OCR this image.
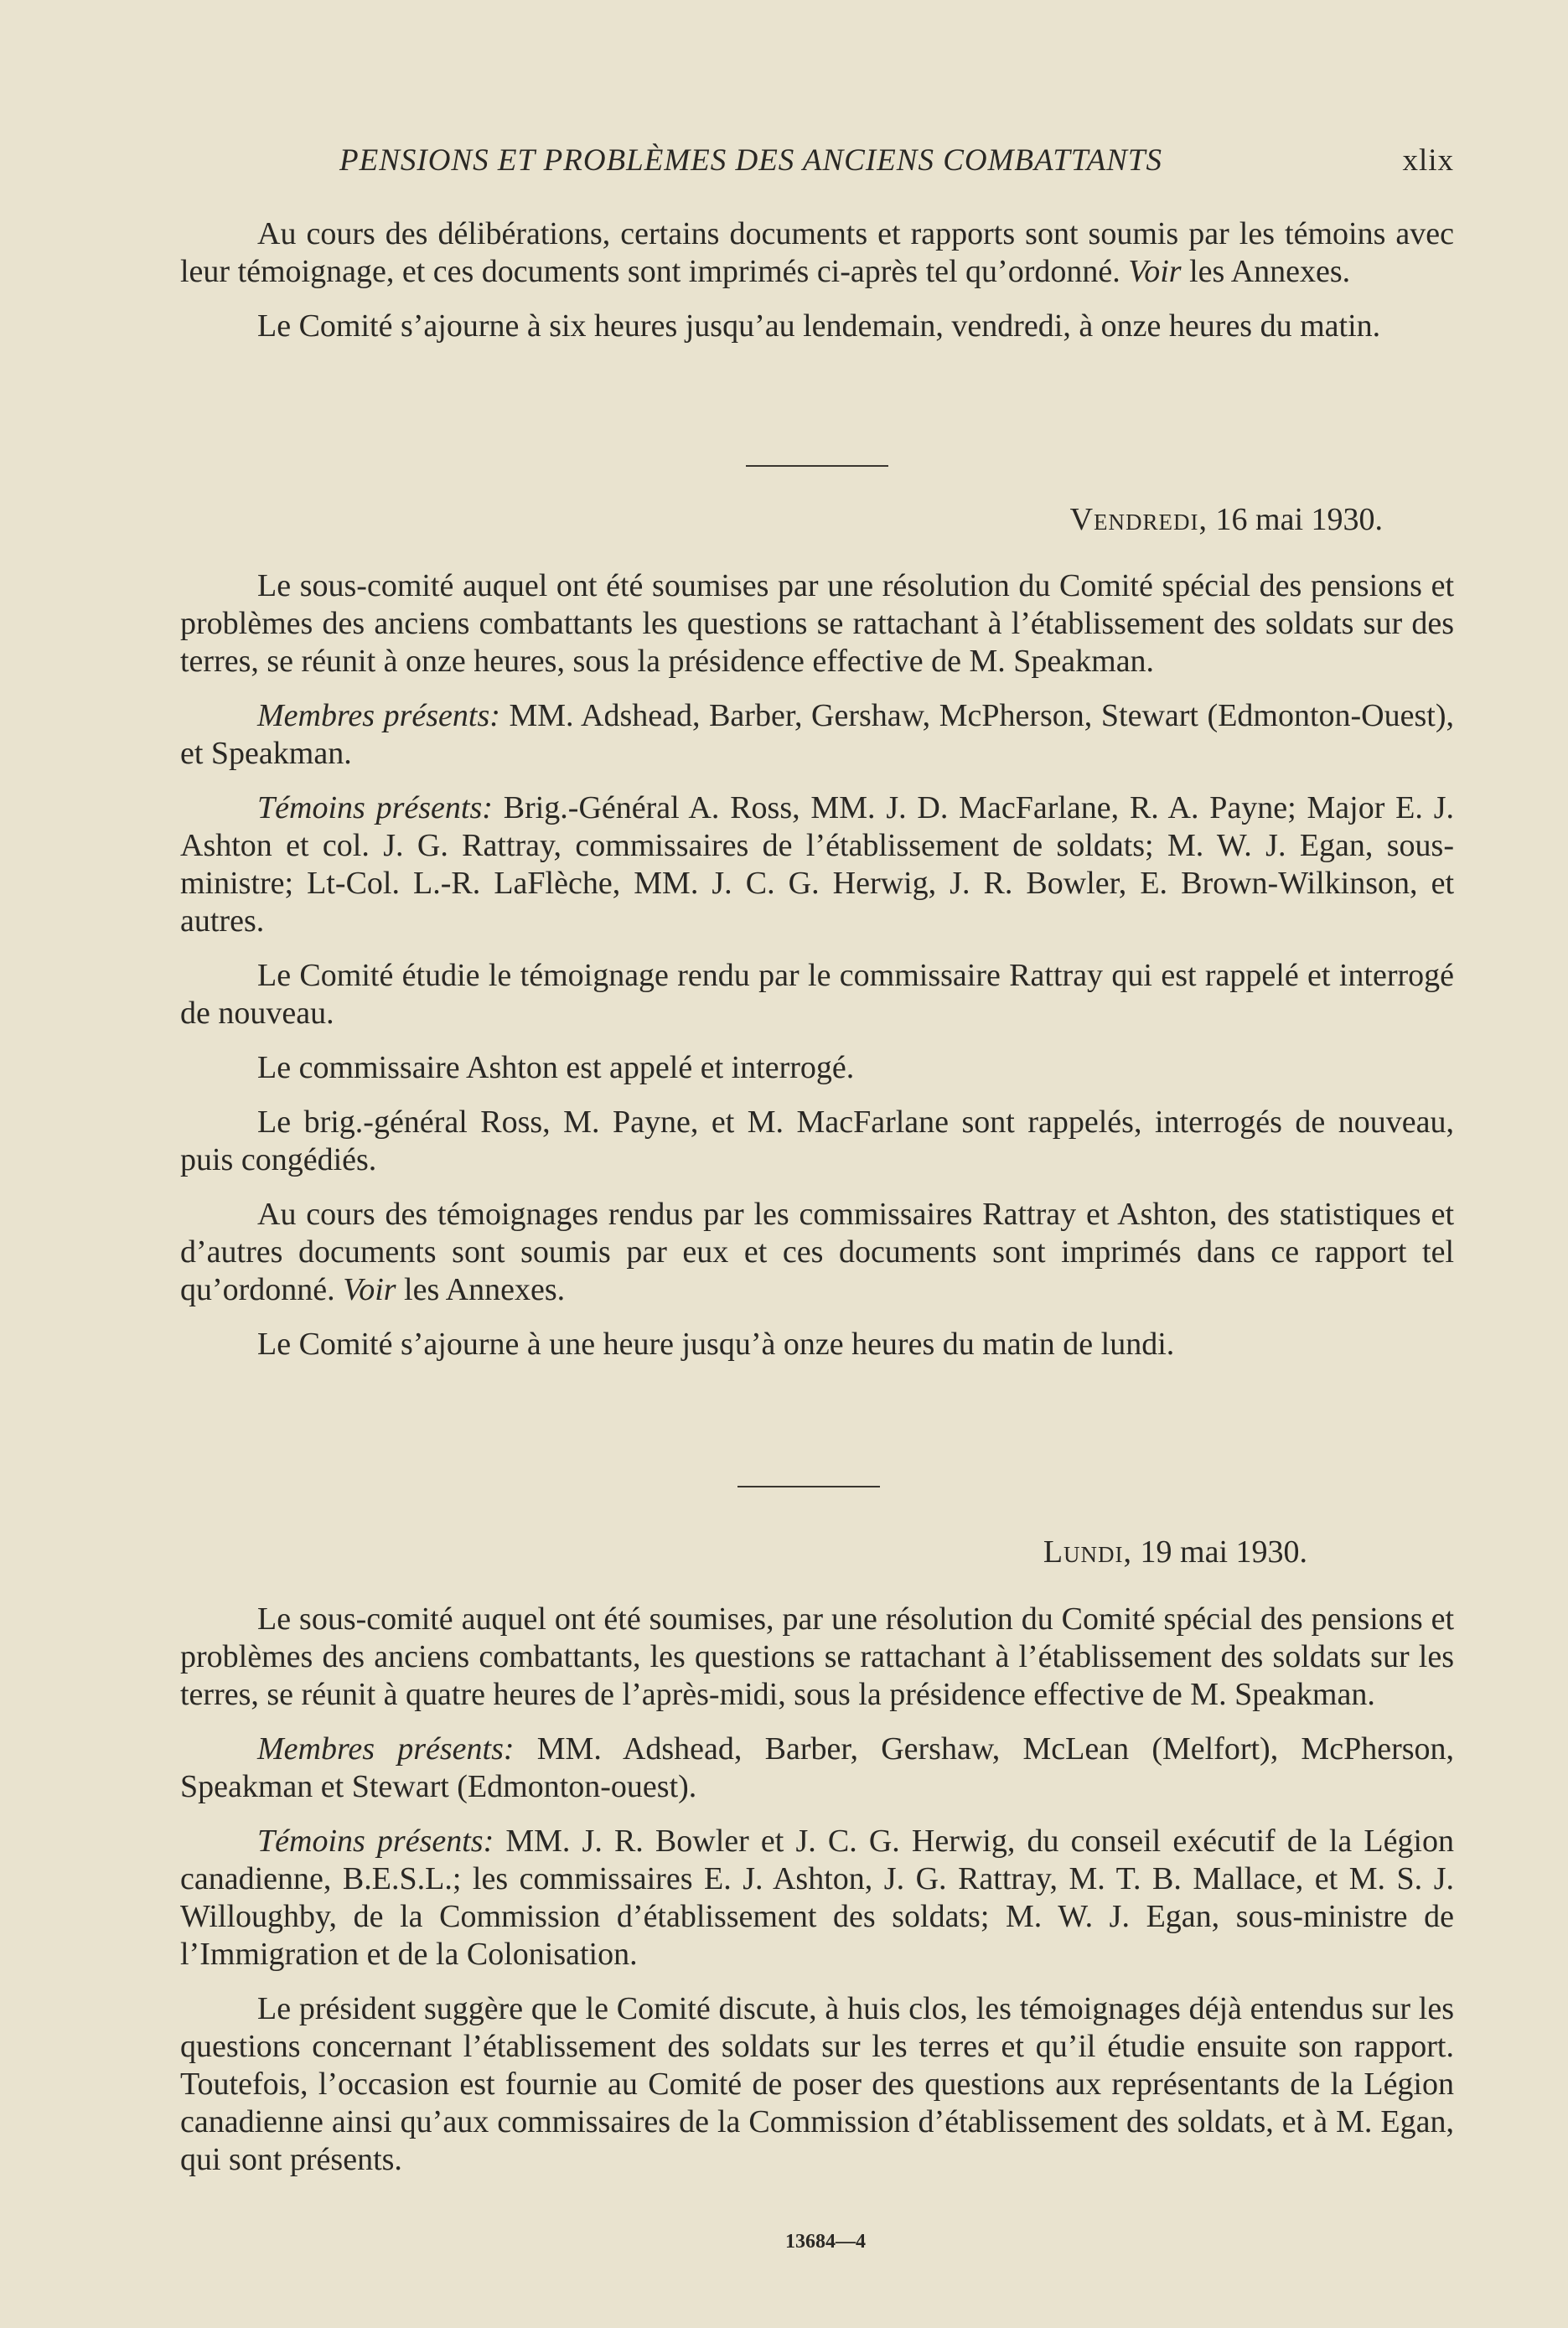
PENSIONS ET PROBLÈMES DES ANCIENS COMBATTANTS	xlix

Au cours des délibérations, certains documents et rapports sont soumis par les témoins avec leur témoignage, et ces documents sont imprimés ci-après tel qu’ordonné. Voir les Annexes.

Le Comité s’ajourne à six heures jusqu’au lendemain, vendredi, à onze heures du matin.

Vendredi, 16 mai 1930.

Le sous-comité auquel ont été soumises par une résolution du Comité spécial des pensions et problèmes des anciens combattants les questions se rattachant à l’établissement des soldats sur des terres, se réunit à onze heures, sous la présidence effective de M. Speakman.

Membres présents: MM. Adshead, Barber, Gershaw, McPherson, Stewart (Edmonton-Ouest), et Speakman.

Témoins présents: Brig.-Général A. Ross, MM. J. D. MacFarlane, R. A. Payne; Major E. J. Ashton et col. J. G. Rattray, commissaires de l’établissement de soldats; M. W. J. Egan, sous-ministre; Lt-Col. L.-R. LaFlèche, MM. J. C. G. Herwig, J. R. Bowler, E. Brown-Wilkinson, et autres.

Le Comité étudie le témoignage rendu par le commissaire Rattray qui est rappelé et interrogé de nouveau.

Le commissaire Ashton est appelé et interrogé.

Le brig.-général Ross, M. Payne, et M. MacFarlane sont rappelés, interrogés de nouveau, puis congédiés.

Au cours des témoignages rendus par les commissaires Rattray et Ashton, des statistiques et d’autres documents sont soumis par eux et ces documents sont imprimés dans ce rapport tel qu’ordonné. Voir les Annexes.

Le Comité s’ajourne à une heure jusqu’à onze heures du matin de lundi.

Lundi, 19 mai 1930.

Le sous-comité auquel ont été soumises, par une résolution du Comité spécial des pensions et problèmes des anciens combattants, les questions se rattachant à l’établissement des soldats sur les terres, se réunit à quatre heures de l’après-midi, sous la présidence effective de M. Speakman.

Membres présents: MM. Adshead, Barber, Gershaw, McLean (Melfort), McPherson, Speakman et Stewart (Edmonton-ouest).

Témoins présents: MM. J. R. Bowler et J. C. G. Herwig, du conseil exécutif de la Légion canadienne, B.E.S.L.; les commissaires E. J. Ashton, J. G. Rattray, M. T. B. Mallace, et M. S. J. Willoughby, de la Commission d’établissement des soldats; M. W. J. Egan, sous-ministre de l’Immigration et de la Colonisation.

Le président suggère que le Comité discute, à huis clos, les témoignages déjà entendus sur les questions concernant l’établissement des soldats sur les terres et qu’il étudie ensuite son rapport. Toutefois, l’occasion est fournie au Comité de poser des questions aux représentants de la Légion canadienne ainsi qu’aux commissaires de la Commission d’établissement des soldats, et à M. Egan, qui sont présents.

13684—4
